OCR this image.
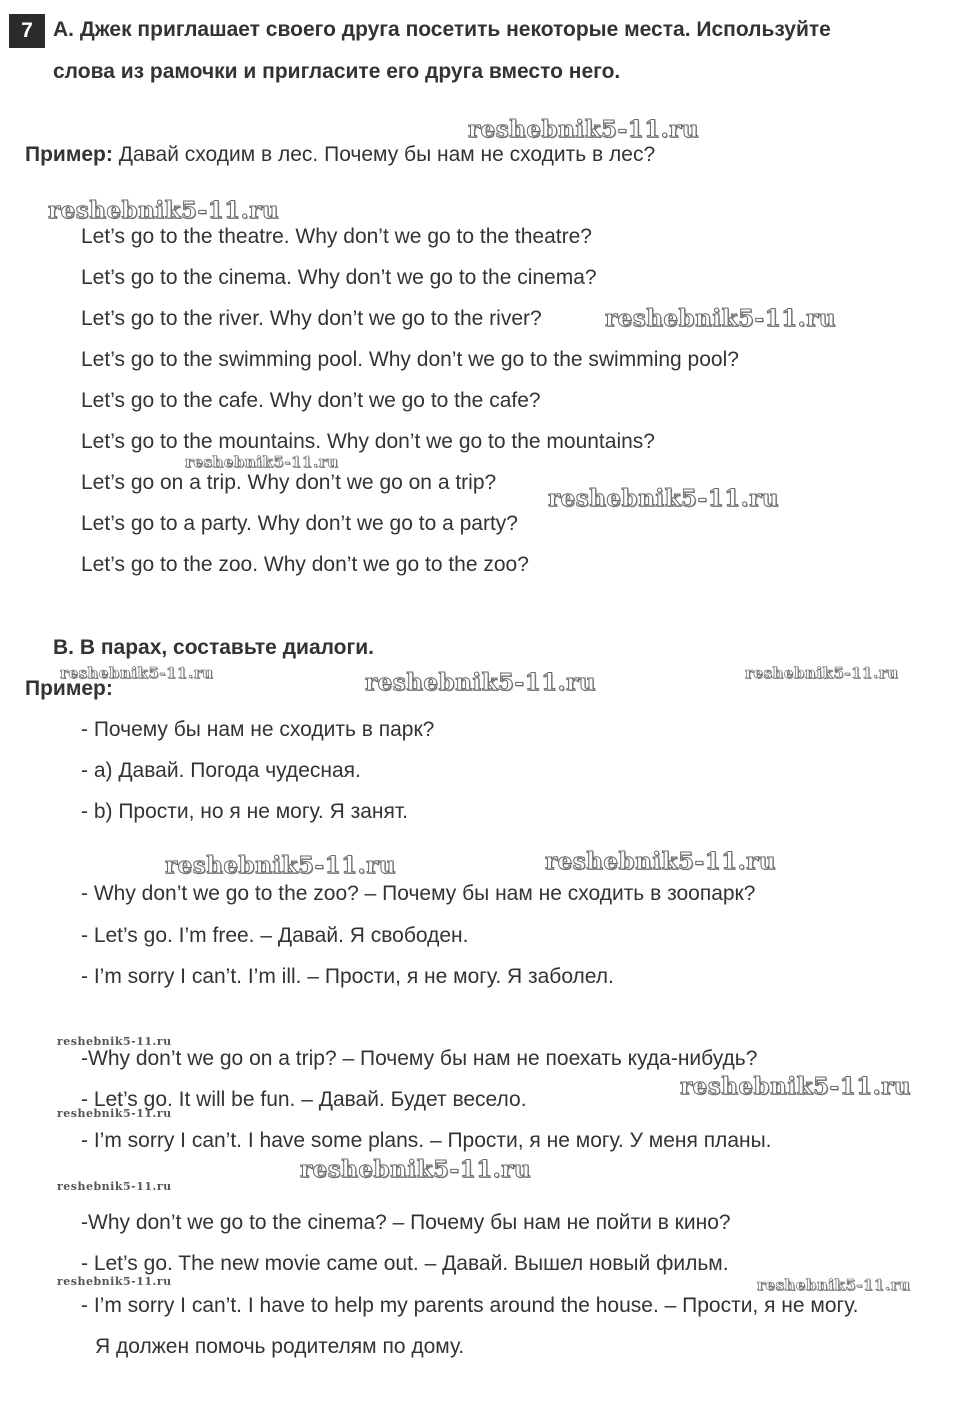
7 A. Джек приглашает своего друга посетить некоторые места. Используйте
слова из рамочки и пригласите его друга вместо него.
Пример: Давай сходим в лес. Почему бы нам не сходить в лес?
Let’s go to the theatre. Why don’t we go to the theatre?
Let’s go to the cinema. Why don’t we go to the cinema?
Let’s go to the river. Why don’t we go to the river?
Let’s go to the swimming pool. Why don’t we go to the swimming pool?
Let’s go to the cafe. Why don’t we go to the cafe?
Let’s go to the mountains. Why don’t we go to the mountains?
Let’s go on a trip. Why don’t we go on a trip?
Let’s go to a party. Why don’t we go to a party?
Let’s go to the zoo. Why don’t we go to the zoo?
B. В парах, составьте диалоги.
Пример:
- Почему бы нам не сходить в парк?
- a) Давай. Погода чудесная.
- b) Прости, но я не могу. Я занят.
- Why don’t we go to the zoo? – Почему бы нам не сходить в зоопарк?
- Let’s go. I’m free. – Давай. Я свободен.
- I’m sorry I can’t. I’m ill. – Прости, я не могу. Я заболел.
-Why don’t we go on a trip? – Почему бы нам не поехать куда-нибудь?
- Let’s go. It will be fun. – Давай. Будет весело.
- I’m sorry I can’t. I have some plans. – Прости, я не могу. У меня планы.
-Why don’t we go to the cinema? – Почему бы нам не пойти в кино?
- Let’s go. The new movie came out. – Давай. Вышел новый фильм.
- I’m sorry I can’t. I have to help my parents around the house. – Прости, я не могу.
Я должен помочь родителям по дому.
reshebnik5-11.ru
reshebnik5-11.ru
reshebnik5-11.ru
reshebnik5-11.ru
reshebnik5-11.ru
reshebnik5-11.ru	reshebnik5-11.ru	reshebnik5-11.ru
reshebnik5-11.ru	reshebnik5-11.ru
reshebnik5-11.ru
reshebnik5-11.ru
reshebnik5-11.ru
reshebnik5-11.ru
reshebnik5-11.ru
reshebnik5-11.ru	reshebnik5-11.ru
